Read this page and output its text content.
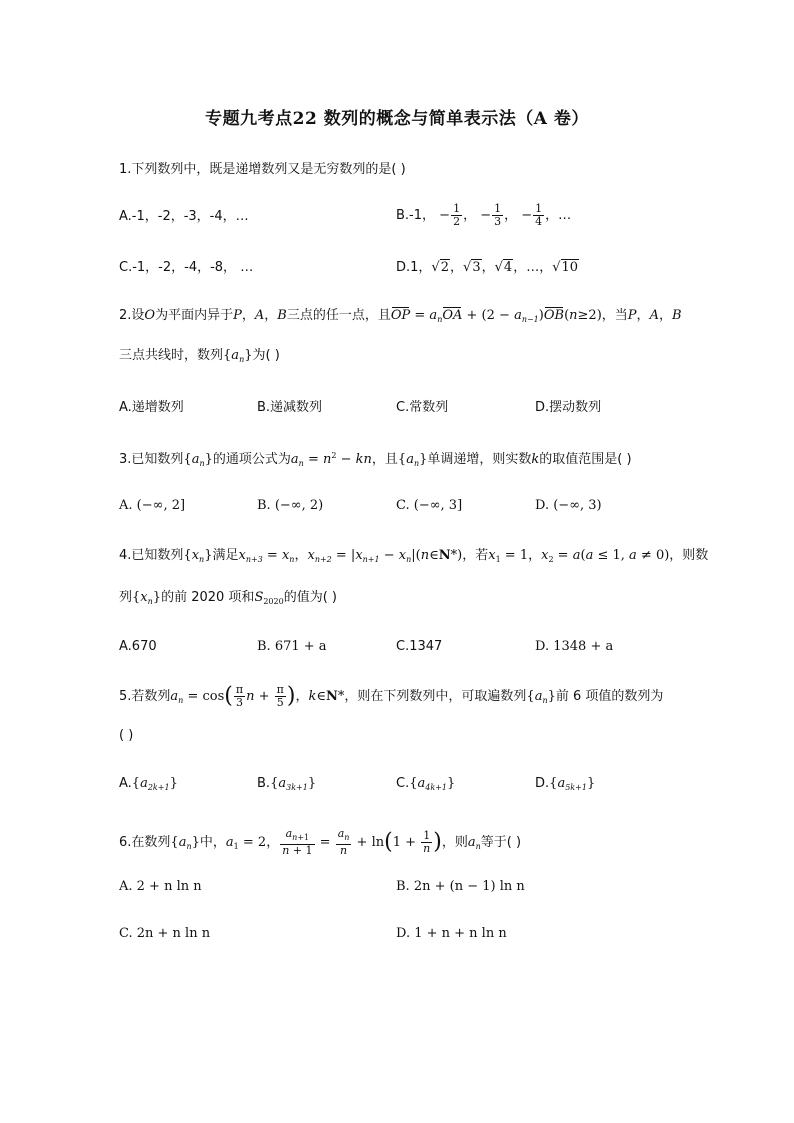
专题九考点22 数列的概念与简单表示法（A 卷）
1.下列数列中，既是递增数列又是无穷数列的是( )
A.-1，-2，-3，-4，…	B.-1， − $\frac{1}{2}$ ， − $\frac{1}{3}$ ， − $\frac{1}{4}$ ，…
C.-1，-2，-4，-8， …	D.1，√2，√3，√4，…，√10
2.设O为平面内异于P，A，B三点的任一点，且OP = $a_nOA + (2 - a_{n-1})OB(n\ge 2)$，当P，A，B
三点共线时，数列$\{a_n\}$为( )
A.递增数列	B.递减数列	C.常数列	D.摆动数列
3.已知数列$\{a_n\}$的通项公式为$a_n = n^2$ − kn，且$\{a_n\}$单调递增，则实数k的取值范围是( )
A. (−∞, 2]	B. (−∞, 2)	C. (−∞, 3]	D. (−∞, 3)
4.已知数列$\{x_n\}$满足$x_{n+3} = x_n$，$x_{n+2} = |x_{n+1}$ − $x_n|(n\in N*)$，若$x_1 = 1$，$x_2 = a(a \le 1$, a ≠ 0)，则数
列$\{x_n\}$的前 2020 项和$S_{2020}$的值为( )
A.670	B. 671 + a	C.1347	D. 1348 + a
5.若数列$a_n = \cos( \frac{\pi}{3}$ $n + \frac{\pi}{5}$ )，k∈N*，则在下列数列中，可取遍数列$\{a_n\}$前 6 项值的数列为
( )
$A.\{a_{2k+1}\}$	$B.\{a_{3k+1}\}$	$C.\{a_{4k+1}\}$	$D.\{a_{5k+1}\}$
6.在数列$\{a_n\}$中，$a_1 = 2$， $\frac{a_{n+1}}{n + 1} = \frac{a_n}{n} + \ln(1 + \frac{1}{n}$ )，则$a_n$等于( )
A. 2 + n ln n	B. 2n + (n − 1) ln n
C. 2n + n ln n	D. 1 + n + n ln n
